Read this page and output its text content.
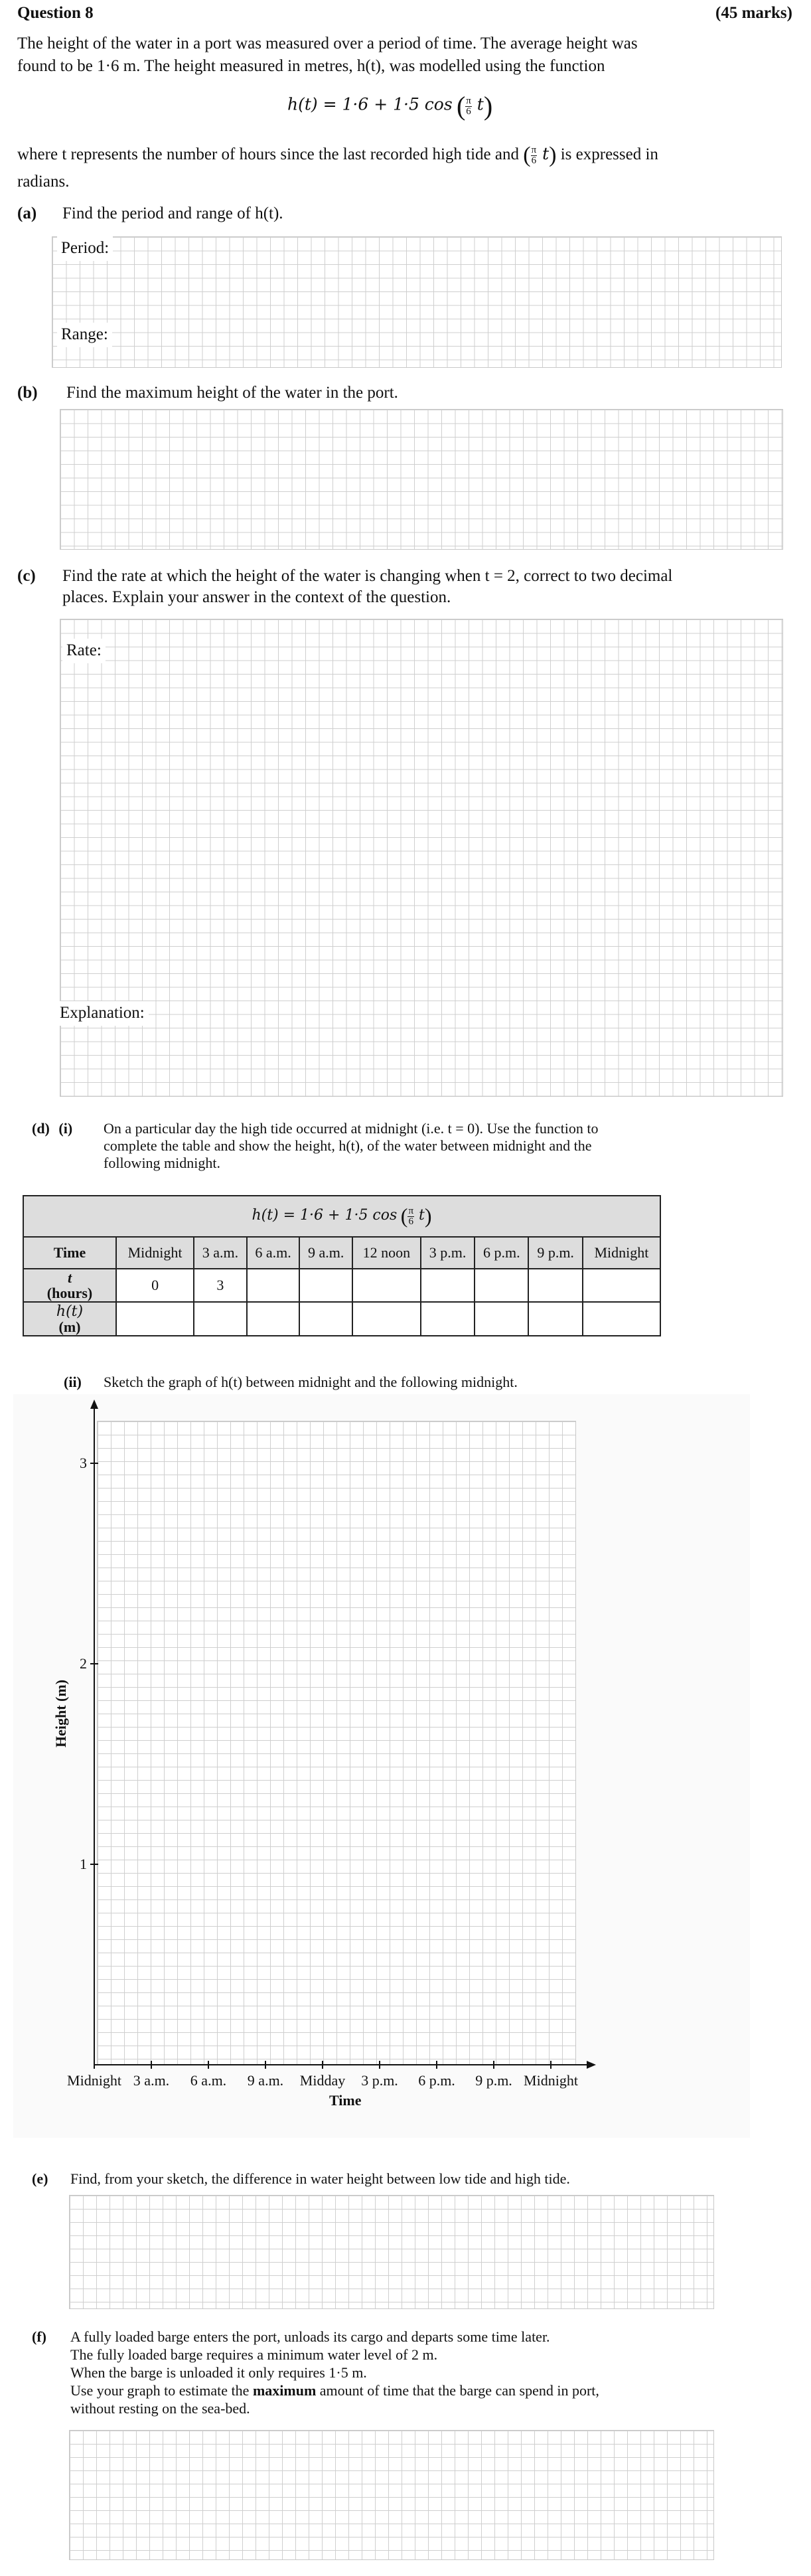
Question 8	(45 marks)
The height of the water in a port was measured over a period of time. The average height was
found to be 1·6 m. The height measured in metres, h(t), was modelled using the function
h(t) = 1·6 + 1·5 cos ( $\frac{\pi}{6} t$)
where t represents the number of hours since the last recorded high tide and ( $\frac{\pi}{6} t$) is expressed in
radians.
(a) Find the period and range of h(t).
Period:
Range:
(b) Find the maximum height of the water in the port.
(c) Find the rate at which the height of the water is changing when t = 2, correct to two decimal
places. Explain your answer in the context of the question.
Rate:
Explanation:
(d) (i) On a particular day the high tide occurred at midnight (i.e. t = 0). Use the function to
complete the table and show the height, h(t), of the water between midnight and the
following midnight.
h(t) = 1·6 + 1·5 cos ( $\frac{\pi}{6} t$)									
Time	Midnight	3 a.m.	6 a.m.	9 a.m.	12 noon	3 p.m.	6 p.m.	9 p.m.	Midnight
t
(hours)	0	3							
h(t)
(m)									
(ii) Sketch the graph of h(t) between midnight and the following midnight.
Height (m)
Time
Midnight 3 a.m. 6 a.m. 9 a.m. Midday 3 p.m. 6 p.m. 9 p.m. Midnight
1
2
3
(e) Find, from your sketch, the difference in water height between low tide and high tide.
(f) A fully loaded barge enters the port, unloads its cargo and departs some time later.
The fully loaded barge requires a minimum water level of 2 m.
When the barge is unloaded it only requires 1·5 m.
Use your graph to estimate the maximum amount of time that the barge can spend in port,
without resting on the sea-bed.
